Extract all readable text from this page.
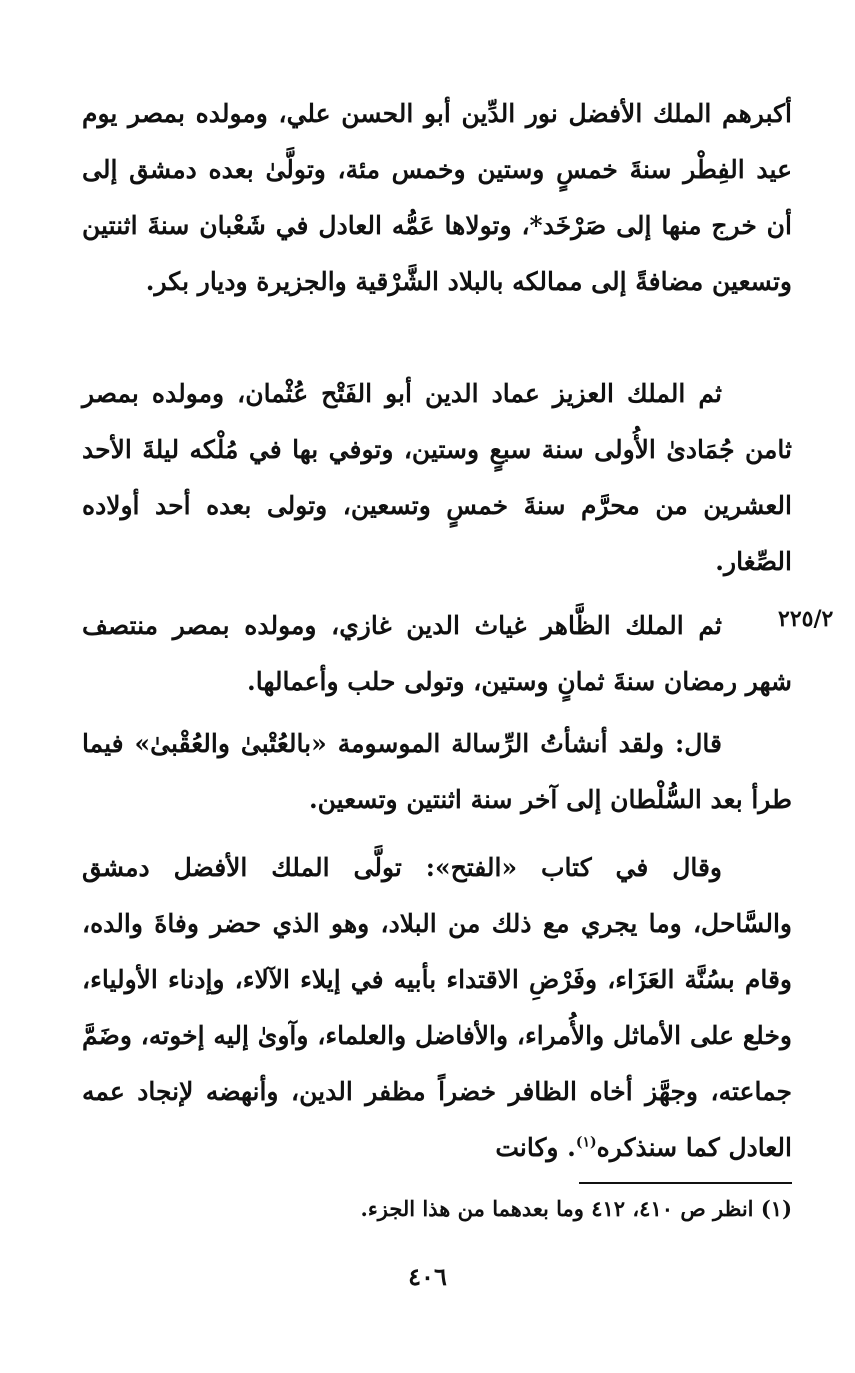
أكبرهم الملك الأفضل نور الدِّين أبو الحسن علي، ومولده بمصر يوم عيد الفِطْر سنةَ خمسٍ وستين وخمس مئة، وتولَّىٰ بعده دمشق إلى أن خرج منها إلى صَرْخَد*، وتولاها عَمُّه العادل في شَعْبان سنةَ اثنتين وتسعين مضافةً إلى ممالكه بالبلاد الشَّرْقية والجزيرة وديار بكر.

ثم الملك العزيز عماد الدين أبو الفَتْح عُثْمان، ومولده بمصر ثامن جُمَادىٰ الأُولى سنة سبعٍ وستين، وتوفي بها في مُلْكه ليلةَ الأحد العشرين من محرَّم سنةَ خمسٍ وتسعين، وتولى بعده أحد أولاده الصِّغار.

٢٢٥/٢

ثم الملك الظَّاهر غياث الدين غازي، ومولده بمصر منتصف شهر رمضان سنةَ ثمانٍ وستين، وتولى حلب وأعمالها.

قال: ولقد أنشأتُ الرِّسالة الموسومة «بالعُتْبىٰ والعُقْبىٰ» فيما طرأ بعد السُّلْطان إلى آخر سنة اثنتين وتسعين.

وقال في كتاب «الفتح»: تولَّى الملك الأفضل دمشق والسَّاحل، وما يجري مع ذلك من البلاد، وهو الذي حضر وفاةَ والده، وقام بسُنَّة العَزَاء، وفَرْضِ الاقتداء بأبيه في إيلاء الآلاء، وإدناء الأولياء، وخلع على الأماثل والأُمراء، والأفاضل والعلماء، وآوىٰ إليه إخوته، وضَمَّ جماعته، وجهَّز أخاه الظافر خضراً مظفر الدين، وأنهضه لإنجاد عمه العادل كما سنذكره$^{(١)}$. وكانت

(١) انظر ص ٤١٠، ٤١٢ وما بعدهما من هذا الجزء.
٤٠٦
